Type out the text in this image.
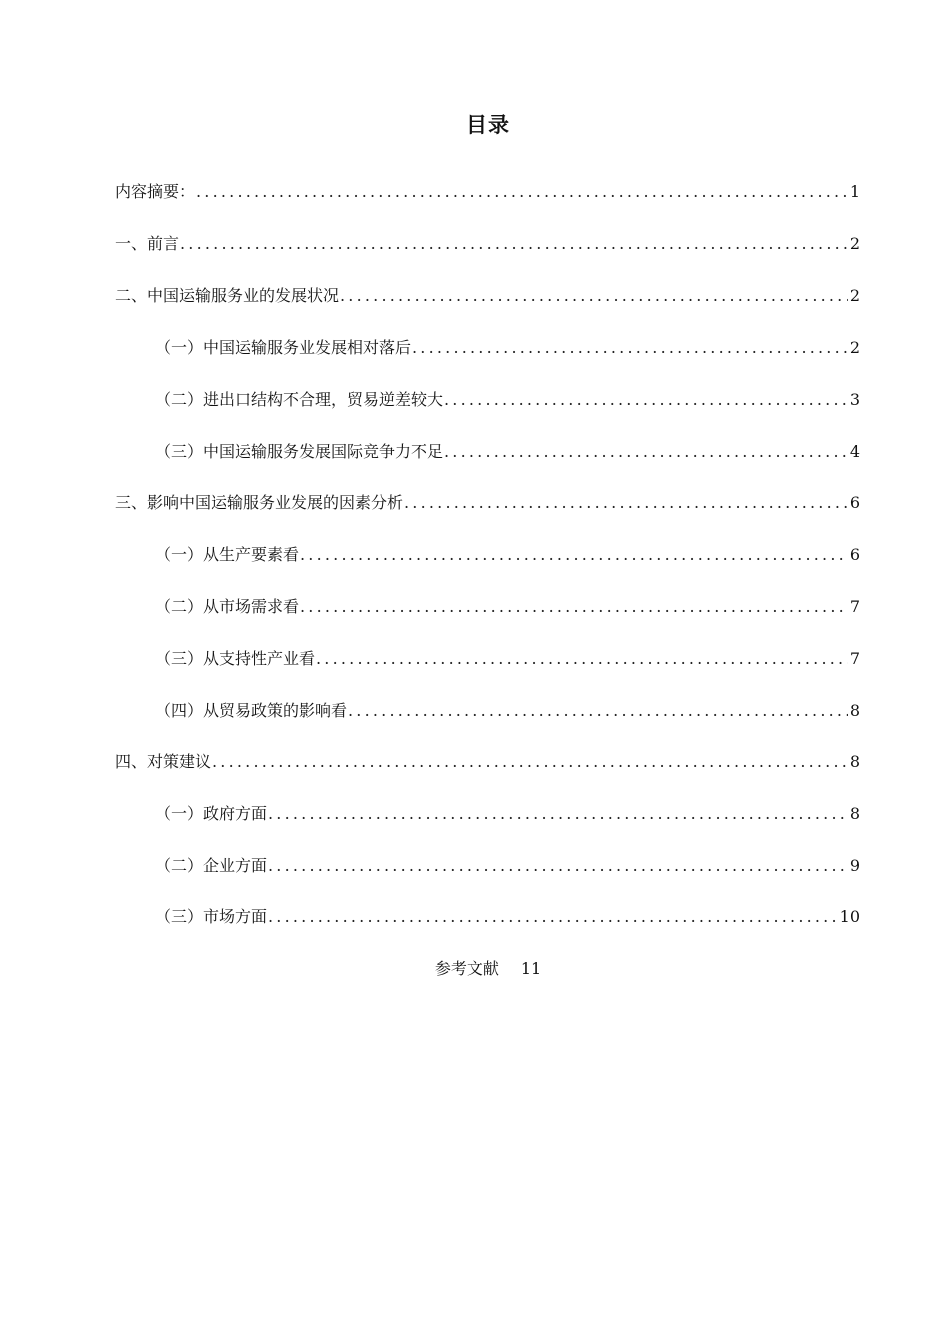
目录
内容摘要： .....	1
一、前言 .....	2
二、中国运输服务业的发展状况 .....	2
（一）中国运输服务业发展相对落后 .....	2
（二）进出口结构不合理，贸易逆差较大 .....	3
（三）中国运输服务发展国际竞争力不足 .....	4
三、影响中国运输服务业发展的因素分析 .....	6
（一）从生产要素看 .....	6
（二）从市场需求看 .....	7
（三）从支持性产业看 .....	7
（四）从贸易政策的影响看 .....	8
四、对策建议 .....	8
（一）政府方面 .....	8
（二）企业方面 .....	9
（三）市场方面 .....	10
参考文献 11
